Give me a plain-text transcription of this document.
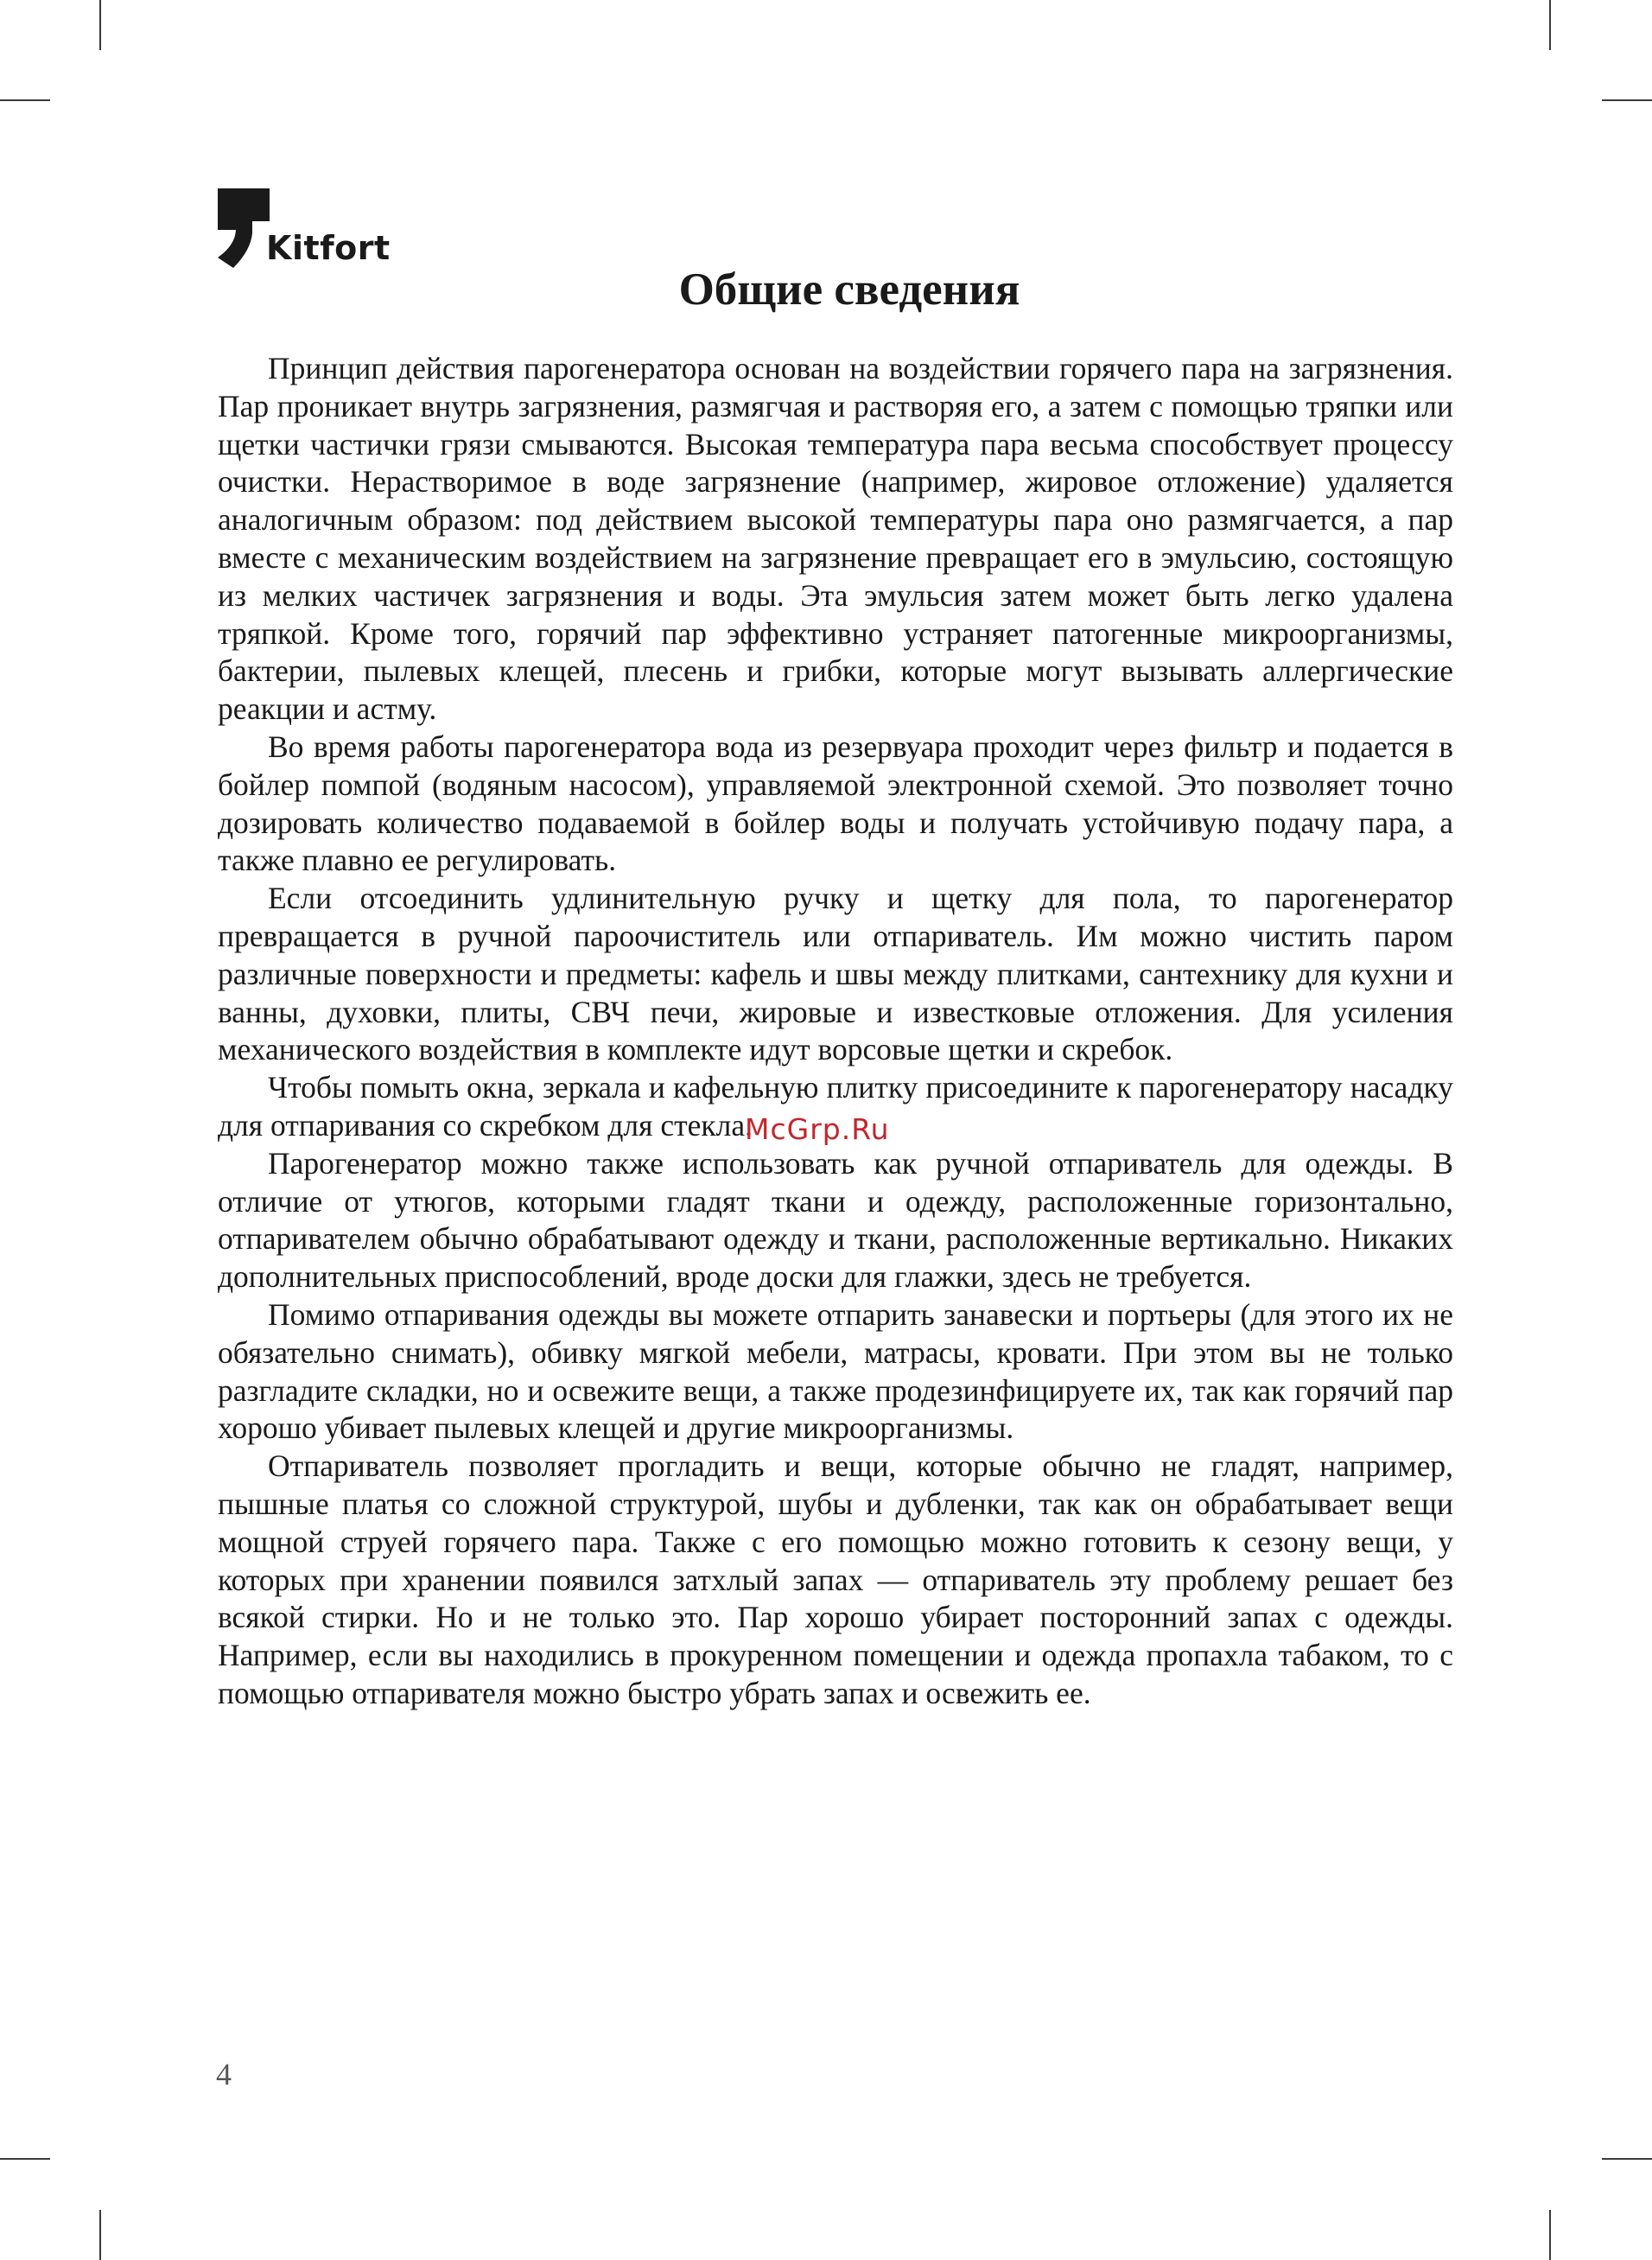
Kitfort
Общие сведения

Принцип действия парогенератора основан на воздействии горячего пара на загрязнения. Пар проникает внутрь загрязнения, размягчая и растворяя его, а затем с помощью тряпки или щетки частички грязи смываются. Высокая температура пара весьма способствует процессу очистки. Нерастворимое в воде загрязнение (например, жировое отложение) удаляется аналогичным образом: под действием высокой температуры пара оно размягчается, а пар вместе с механическим воздействием на загрязнение превращает его в эмульсию, состоящую из мелких частичек загрязнения и воды. Эта эмульсия затем может быть легко удалена тряпкой. Кроме того, горячий пар эффективно устраняет патогенные микроорганизмы, бактерии, пылевых клещей, плесень и грибки, которые могут вызывать аллергические реакции и астму.

Во время работы парогенератора вода из резервуара проходит через фильтр и подается в бойлер помпой (водяным насосом), управляемой электронной схемой. Это позволяет точно дозировать количество подаваемой в бойлер воды и получать устойчивую подачу пара, а также плавно ее регулировать.

Если отсоединить удлинительную ручку и щетку для пола, то парогенератор превращается в ручной пароочиститель или отпариватель. Им можно чистить паром различные поверхности и предметы: кафель и швы между плитками, сантехнику для кухни и ванны, духовки, плиты, СВЧ печи, жировые и известковые отложения. Для усиления механического воздействия в комплекте идут ворсовые щетки и скребок.

Чтобы помыть окна, зеркала и кафельную плитку присоедините к парогенератору насадку для отпаривания со скребком для стекла.

Парогенератор можно также использовать как ручной отпариватель для одежды. В отличие от утюгов, которыми гладят ткани и одежду, расположенные горизонтально, отпаривателем обычно обрабатывают одежду и ткани, расположенные вертикально. Никаких дополнительных приспособлений, вроде доски для глажки, здесь не требуется.

Помимо отпаривания одежды вы можете отпарить занавески и портьеры (для этого их не обязательно снимать), обивку мягкой мебели, матрасы, кровати. При этом вы не только разгладите складки, но и освежите вещи, а также продезинфицируете их, так как горячий пар хорошо убивает пылевых клещей и другие микроорганизмы.

Отпариватель позволяет прогладить и вещи, которые обычно не гладят, например, пышные платья со сложной структурой, шубы и дубленки, так как он обрабатывает вещи мощной струей горячего пара. Также с его помощью можно готовить к сезону вещи, у которых при хранении появился затхлый запах — отпариватель эту проблему решает без всякой стирки. Но и не только это. Пар хорошо убирает посторонний запах с одежды. Например, если вы находились в прокуренном помещении и одежда пропахла табаком, то с помощью отпаривателя можно быстро убрать запах и освежить ее.

McGrp.Ru
4
